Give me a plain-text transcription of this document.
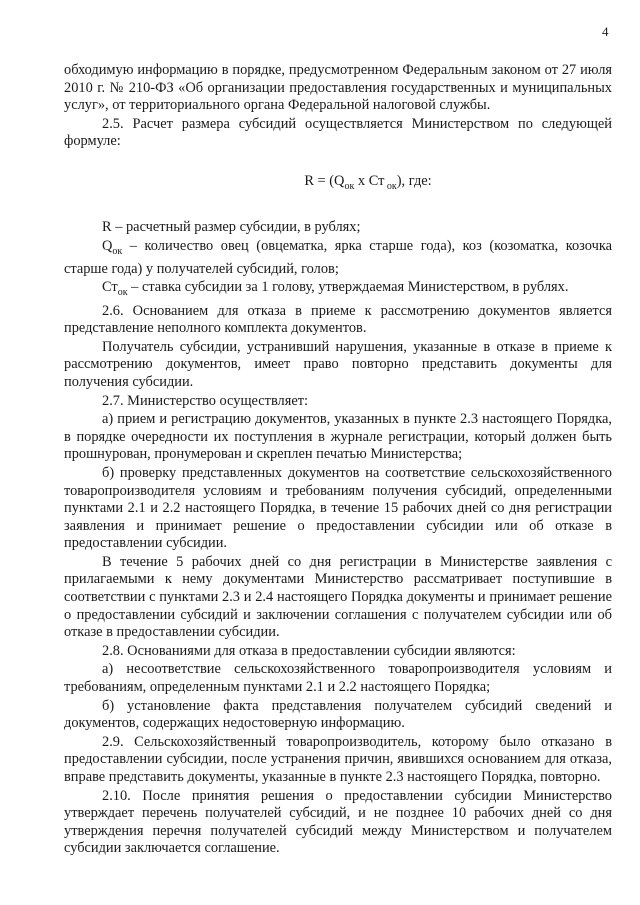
4

обходимую информацию в порядке, предусмотренном Федеральным законом от 27 июля 2010 г. № 210-ФЗ «Об организации предоставления государственных и муниципальных услуг», от территориального органа Федеральной налоговой службы.

2.5. Расчет размера субсидий осуществляется Министерством по следующей формуле:

$R = (Q_{ок}$ х Ст $_{ок}$), где:

R – расчетный размер субсидии, в рублях;

$Q_{ок}$ – количество овец (овцематка, ярка старше года), коз (козоматка, козочка старше года) у получателей субсидий, голов;

$Ст_{ок}$ – ставка субсидии за 1 голову, утверждаемая Министерством, в рублях.

2.6. Основанием для отказа в приеме к рассмотрению документов является представление неполного комплекта документов.

Получатель субсидии, устранивший нарушения, указанные в отказе в приеме к рассмотрению документов, имеет право повторно представить документы для получения субсидии.

2.7. Министерство осуществляет:

а) прием и регистрацию документов, указанных в пункте 2.3 настоящего Порядка, в порядке очередности их поступления в журнале регистрации, который должен быть прошнурован, пронумерован и скреплен печатью Министерства;

б) проверку представленных документов на соответствие сельскохозяйственного товаропроизводителя условиям и требованиям получения субсидий, определенными пунктами 2.1 и 2.2 настоящего Порядка, в течение 15 рабочих дней со дня регистрации заявления и принимает решение о предоставлении субсидии или об отказе в предоставлении субсидии.

В течение 5 рабочих дней со дня регистрации в Министерстве заявления с прилагаемыми к нему документами Министерство рассматривает поступившие в соответствии с пунктами 2.3 и 2.4 настоящего Порядка документы и принимает решение о предоставлении субсидий и заключении соглашения с получателем субсидии или об отказе в предоставлении субсидии.

2.8. Основаниями для отказа в предоставлении субсидии являются:

а) несоответствие сельскохозяйственного товаропроизводителя условиям и требованиям, определенным пунктами 2.1 и 2.2 настоящего Порядка;

б) установление факта представления получателем субсидий сведений и документов, содержащих недостоверную информацию.

2.9. Сельскохозяйственный товаропроизводитель, которому было отказано в предоставлении субсидии, после устранения причин, явившихся основанием для отказа, вправе представить документы, указанные в пункте 2.3 настоящего Порядка, повторно.

2.10. После принятия решения о предоставлении субсидии Министерство утверждает перечень получателей субсидий, и не позднее 10 рабочих дней со дня утверждения перечня получателей субсидий между Министерством и получателем субсидии заключается соглашение.
